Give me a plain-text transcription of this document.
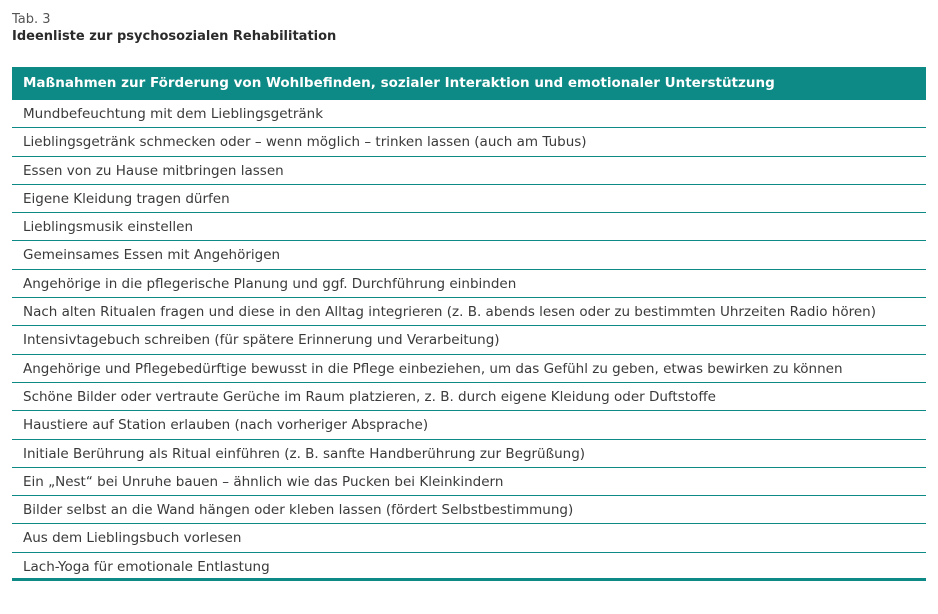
Tab. 3
Ideenliste zur psychosozialen Rehabilitation
Maßnahmen zur Förderung von Wohlbefinden, sozialer Interaktion und emotionaler Unterstützung
Mundbefeuchtung mit dem Lieblingsgetränk
Lieblingsgetränk schmecken oder – wenn möglich – trinken lassen (auch am Tubus)
Essen von zu Hause mitbringen lassen
Eigene Kleidung tragen dürfen
Lieblingsmusik einstellen
Gemeinsames Essen mit Angehörigen
Angehörige in die pflegerische Planung und ggf. Durchführung einbinden
Nach alten Ritualen fragen und diese in den Alltag integrieren (z. B. abends lesen oder zu bestimmten Uhrzeiten Radio hören)
Intensivtagebuch schreiben (für spätere Erinnerung und Verarbeitung)
Angehörige und Pflegebedürftige bewusst in die Pflege einbeziehen, um das Gefühl zu geben, etwas bewirken zu können
Schöne Bilder oder vertraute Gerüche im Raum platzieren, z. B. durch eigene Kleidung oder Duftstoffe
Haustiere auf Station erlauben (nach vorheriger Absprache)
Initiale Berührung als Ritual einführen (z. B. sanfte Handberührung zur Begrüßung)
Ein „Nest“ bei Unruhe bauen – ähnlich wie das Pucken bei Kleinkindern
Bilder selbst an die Wand hängen oder kleben lassen (fördert Selbstbestimmung)
Aus dem Lieblingsbuch vorlesen
Lach-Yoga für emotionale Entlastung
